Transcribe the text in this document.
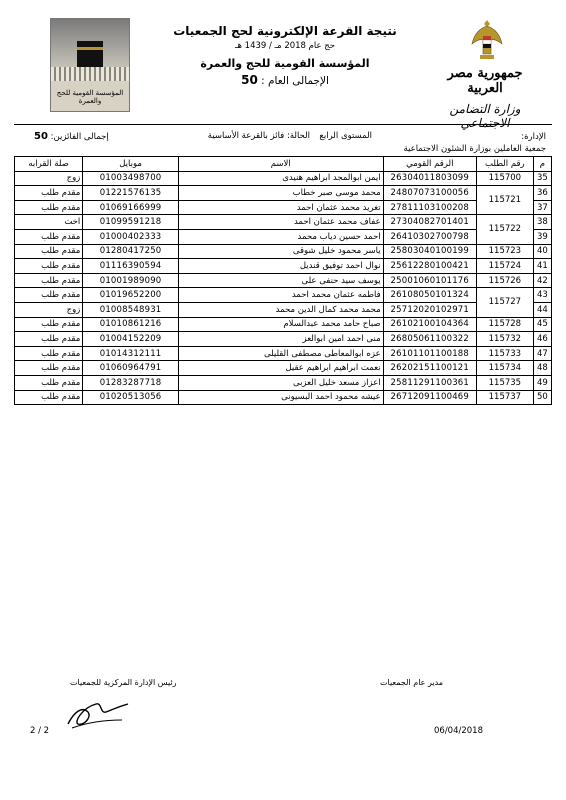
المؤسسة القومية للحج والعمرة
نتيجة القرعة الإلكترونية لحج الجمعيات
حج عام 2018 مـ / 1439 هـ
المؤسسة القومية للحج والعمرة
الإجمالى العام : 50	جمهورية مصر العربية
وزارة التضامن الاجتماعي
الإدارة: جمعية العاملين بوزارة الشئون الاجتماعية
المستوى الرابع
الحالة: فائز بالقرعة الأساسية
إجمالى الفائزين: 50
م	رقم الطلب	الرقم القومي	الاسم	موبايل	صلة القرابه
35	115700	26304011803099	ايمن ابوالمجد ابراهيم هنيدى	01003498700	زوج
36	115721	24807073100056	محمد موسى صبر خطاب	01221576135	مقدم طلب
37		27811103100208	تغريد محمد عثمان احمد	01069166999	مقدم طلب
38	115722	27304082701401	عفاف محمد عثمان احمد	01099591218	اخت
39		26410302700798	احمد حسين دياب محمد	01000402333	مقدم طلب
40	115723	25803040100199	ياسر محمود خليل شوقى	01280417250	مقدم طلب
41	115724	25612280100421	نوال احمد توفيق قنديل	01116390594	مقدم طلب
42	115726	25001060101176	يوسف سيد حنفى على	01001989090	مقدم طلب
43	115727	26108050101324	فاطمه عثمان محمد احمد	01019652200	مقدم طلب
44		25712020102971	محمد محمد كمال الدين محمد	01008548931	زوج
45	115728	26102100104364	صباح حامد محمد عبدالسلام	01010861216	مقدم طلب
46	115732	26805061100322	منى احمد امين ابوالعز	01004152209	مقدم طلب
47	115733	26101101100188	عزه ابوالمعاطى مصطفى القليلى	01014312111	مقدم طلب
48	115734	26202151100121	نعمت ابراهيم ابراهيم عقيل	01060964791	مقدم طلب
49	115735	25811291100361	اعزاز مسعد خليل العزبى	01283287718	مقدم طلب
50	115737	26712091100469	عيشه محمود احمد البسيونى	01020513056	مقدم طلب
مدير عام الجمعيات
رئيس الإدارة المركزية للجمعيات
06/04/2018
2 / 2
